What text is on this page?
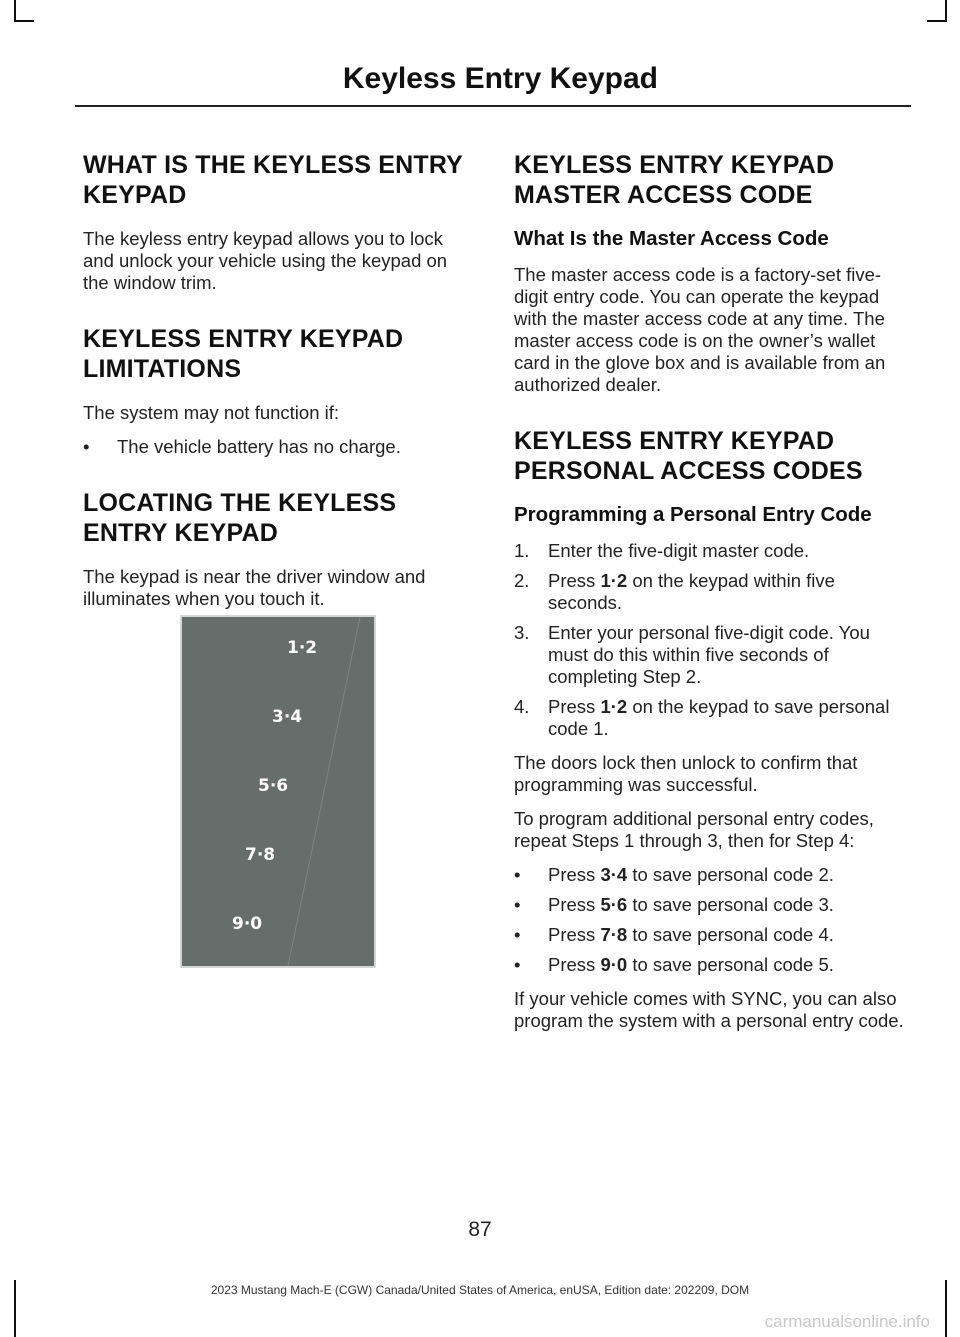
Keyless Entry Keypad
WHAT IS THE KEYLESS ENTRY
KEYPAD

The keyless entry keypad allows you to lock and unlock your vehicle using the keypad on the window trim.

KEYLESS ENTRY KEYPAD
LIMITATIONS

The system may not function if:

• The vehicle battery has no charge.
LOCATING THE KEYLESS
ENTRY KEYPAD

The keypad is near the driver window and illuminates when you touch it.

1·2
3·4
5·6
7·8
9·0
KEYLESS ENTRY KEYPAD
MASTER ACCESS CODE
What Is the Master Access Code

The master access code is a factory-set five-digit entry code. You can operate the keypad with the master access code at any time. The master access code is on the owner’s wallet card in the glove box and is available from an authorized dealer.

KEYLESS ENTRY KEYPAD
PERSONAL ACCESS CODES
Programming a Personal Entry Code
1. Enter the five-digit master code.
2. Press 1·2 on the keypad within five seconds.
3. Enter your personal five-digit code. You must do this within five seconds of completing Step 2.
4. Press 1·2 on the keypad to save personal code 1.

The doors lock then unlock to confirm that programming was successful.

To program additional personal entry codes, repeat Steps 1 through 3, then for Step 4:

• Press 3·4 to save personal code 2.
• Press 5·6 to save personal code 3.
• Press 7·8 to save personal code 4.
• Press 9·0 to save personal code 5.

If your vehicle comes with SYNC, you can also program the system with a personal entry code.

87
2023 Mustang Mach-E (CGW) Canada/United States of America, enUSA, Edition date: 202209, DOM
carmanualsonline.info
